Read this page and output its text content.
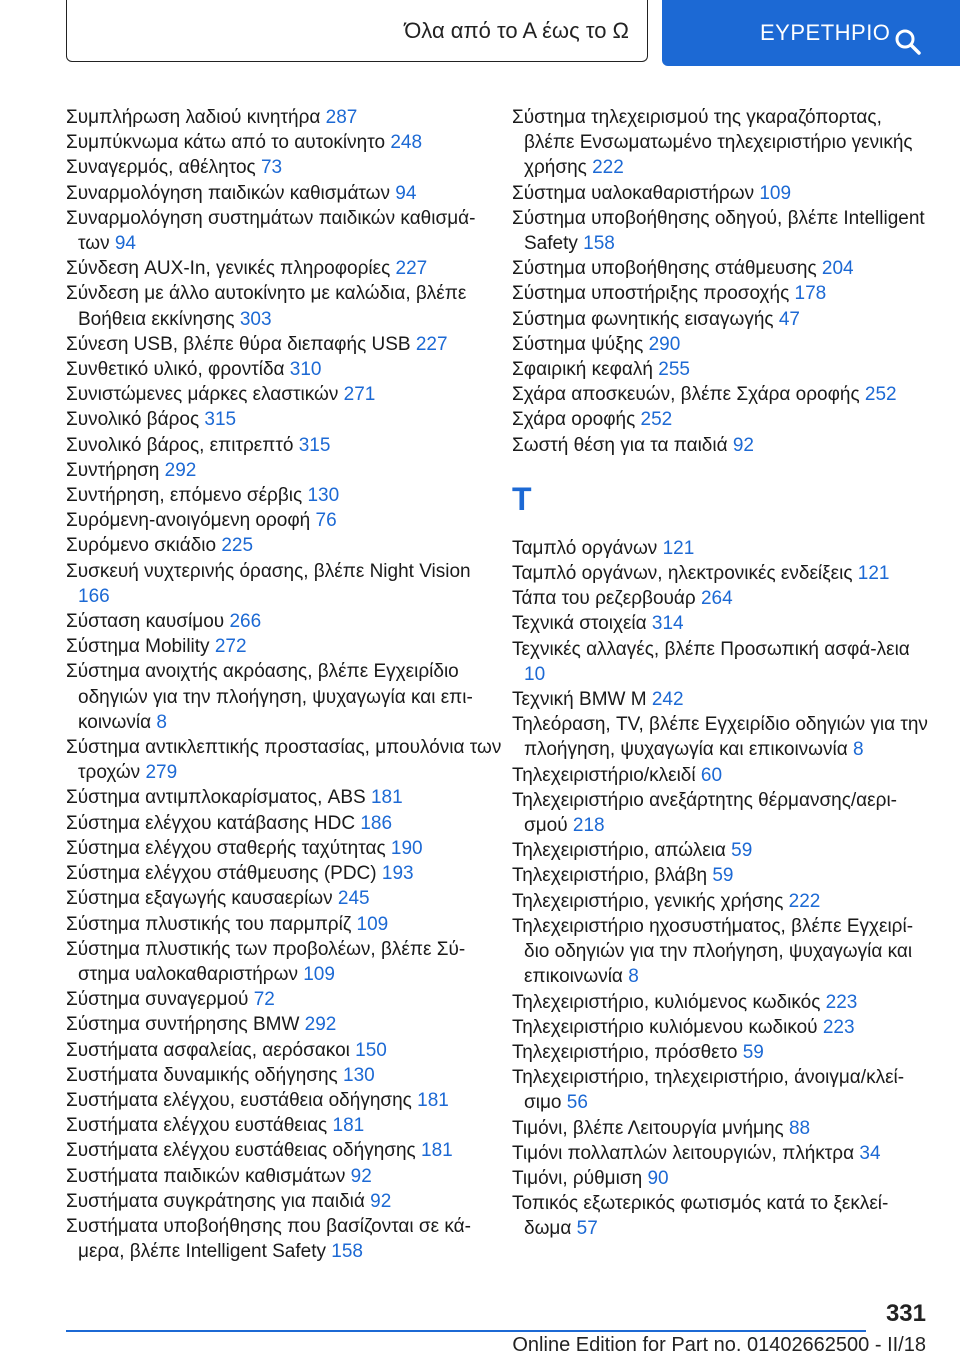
Όλα από το Α έως το Ω	ΕΥΡΕΤΗΡΙΟ
Συμπλήρωση λαδιού κινητήρα 287
Συμπύκνωμα κάτω από το αυτοκίνητο 248
Συναγερμός, αθέλητος 73
Συναρμολόγηση παιδικών καθισμάτων 94
Συναρμολόγηση συστημάτων παιδικών καθισμά-των 94
Σύνδεση AUX-In, γενικές πληροφορίες 227
Σύνδεση με άλλο αυτοκίνητο με καλώδια, βλέπε Βοήθεια εκκίνησης 303
Σύνεση USB, βλέπε θύρα διεπαφής USB 227
Συνθετικό υλικό, φροντίδα 310
Συνιστώμενες μάρκες ελαστικών 271
Συνολικό βάρος 315
Συνολικό βάρος, επιτρεπτό 315
Συντήρηση 292
Συντήρηση, επόμενο σέρβις 130
Συρόμενη-ανοιγόμενη οροφή 76
Συρόμενο σκιάδιο 225
Συσκευή νυχτερινής όρασης, βλέπε Night Vision 166
Σύσταση καυσίμου 266
Σύστημα Mobility 272
Σύστημα ανοιχτής ακρόασης, βλέπε Εγχειρίδιο οδηγιών για την πλοήγηση, ψυχαγωγία και επι-κοινωνία 8
Σύστημα αντικλεπτικής προστασίας, μπουλόνια των τροχών 279
Σύστημα αντιμπλοκαρίσματος, ABS 181
Σύστημα ελέγχου κατάβασης HDC 186
Σύστημα ελέγχου σταθερής ταχύτητας 190
Σύστημα ελέγχου στάθμευσης (PDC) 193
Σύστημα εξαγωγής καυσαερίων 245
Σύστημα πλυστικής του παρμπρίζ 109
Σύστημα πλυστικής των προβολέων, βλέπε Σύ-στημα υαλοκαθαριστήρων 109
Σύστημα συναγερμού 72
Σύστημα συντήρησης BMW 292
Συστήματα ασφαλείας, αερόσακοι 150
Συστήματα δυναμικής οδήγησης 130
Συστήματα ελέγχου, ευστάθεια οδήγησης 181
Συστήματα ελέγχου ευστάθειας 181
Συστήματα ελέγχου ευστάθειας οδήγησης 181
Συστήματα παιδικών καθισμάτων 92
Συστήματα συγκράτησης για παιδιά 92
Συστήματα υποβοήθησης που βασίζονται σε κά-μερα, βλέπε Intelligent Safety 158
Σύστημα τηλεχειρισμού της γκαραζόπορτας, βλέπε Ενσωματωμένο τηλεχειριστήριο γενικής χρήσης 222
Σύστημα υαλοκαθαριστήρων 109
Σύστημα υποβοήθησης οδηγού, βλέπε Intelligent Safety 158
Σύστημα υποβοήθησης στάθμευσης 204
Σύστημα υποστήριξης προσοχής 178
Σύστημα φωνητικής εισαγωγής 47
Σύστημα ψύξης 290
Σφαιρική κεφαλή 255
Σχάρα αποσκευών, βλέπε Σχάρα οροφής 252
Σχάρα οροφής 252
Σωστή θέση για τα παιδιά 92
T
Ταμπλό οργάνων 121
Ταμπλό οργάνων, ηλεκτρονικές ενδείξεις 121
Τάπα του ρεζερβουάρ 264
Τεχνικά στοιχεία 314
Τεχνικές αλλαγές, βλέπε Προσωπική ασφά-λεια 10
Τεχνική BMW M 242
Τηλεόραση, TV, βλέπε Εγχειρίδιο οδηγιών για την πλοήγηση, ψυχαγωγία και επικοινωνία 8
Τηλεχειριστήριο/κλειδί 60
Τηλεχειριστήριο ανεξάρτητης θέρμανσης/αερι-σμού 218
Τηλεχειριστήριο, απώλεια 59
Τηλεχειριστήριο, βλάβη 59
Τηλεχειριστήριο, γενικής χρήσης 222
Τηλεχειριστήριο ηχοσυστήματος, βλέπε Εγχειρί-διο οδηγιών για την πλοήγηση, ψυχαγωγία και επικοινωνία 8
Τηλεχειριστήριο, κυλιόμενος κωδικός 223
Τηλεχειριστήριο κυλιόμενου κωδικού 223
Τηλεχειριστήριο, πρόσθετο 59
Τηλεχειριστήριο, τηλεχειριστήριο, άνοιγμα/κλεί-σιμο 56
Τιμόνι, βλέπε Λειτουργία μνήμης 88
Τιμόνι πολλαπλών λειτουργιών, πλήκτρα 34
Τιμόνι, ρύθμιση 90
Τοπικός εξωτερικός φωτισμός κατά το ξεκλεί-δωμα 57
331
Online Edition for Part no. 01402662500 - II/18
